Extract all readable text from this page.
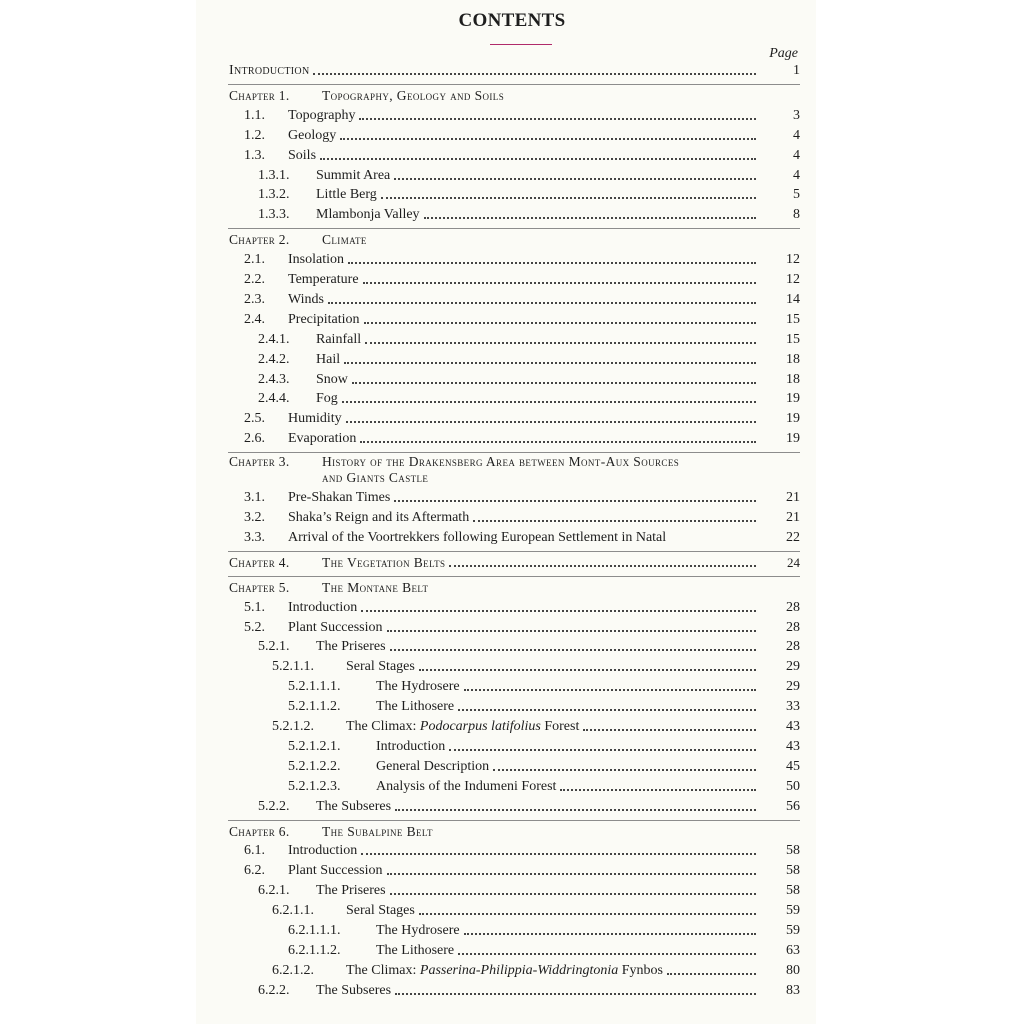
CONTENTS
Page
Introduction	1
Chapter 1.	Topography, Geology and Soils
1.1.	Topography	3
1.2.	Geology	4
1.3.	Soils	4
1.3.1.	Summit Area	4
1.3.2.	Little Berg	5
1.3.3.	Mlambonja Valley	8
Chapter 2.	Climate
2.1.	Insolation	12
2.2.	Temperature	12
2.3.	Winds	14
2.4.	Precipitation	15
2.4.1.	Rainfall	15
2.4.2.	Hail	18
2.4.3.	Snow	18
2.4.4.	Fog	19
2.5.	Humidity	19
2.6.	Evaporation	19
Chapter 3. History of the Drakensberg Area between Mont-Aux Sources
and Giants Castle
3.1.	Pre-Shakan Times	21
3.2.	Shaka’s Reign and its Aftermath	21
3.3.	Arrival of the Voortrekkers following European Settlement in Natal	22
Chapter 4.	The Vegetation Belts	24
Chapter 5.	The Montane Belt
5.1.	Introduction	28
5.2.	Plant Succession	28
5.2.1.	The Priseres	28
5.2.1.1.	Seral Stages	29
5.2.1.1.1.	The Hydrosere	29
5.2.1.1.2.	The Lithosere	33
5.2.1.2.	The Climax: Podocarpus latifolius Forest	43
5.2.1.2.1.	Introduction	43
5.2.1.2.2.	General Description	45
5.2.1.2.3.	Analysis of the Indumeni Forest	50
5.2.2.	The Subseres	56
Chapter 6.	The Subalpine Belt
6.1.	Introduction	58
6.2.	Plant Succession	58
6.2.1.	The Priseres	58
6.2.1.1.	Seral Stages	59
6.2.1.1.1.	The Hydrosere	59
6.2.1.1.2.	The Lithosere	63
6.2.1.2.	The Climax: Passerina-Philippia-Widdringtonia Fynbos	80
6.2.2.	The Subseres	83
